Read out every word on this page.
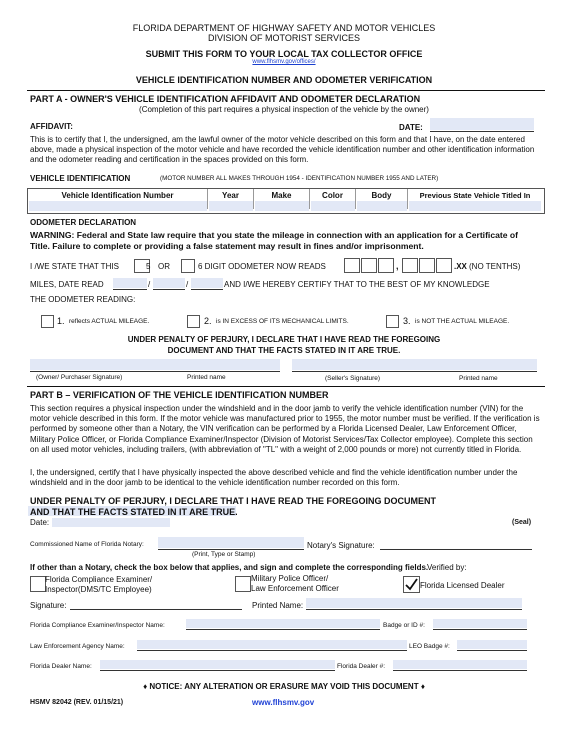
FLORIDA DEPARTMENT OF HIGHWAY SAFETY AND MOTOR VEHICLES
DIVISION OF MOTORIST SERVICES
SUBMIT THIS FORM TO YOUR LOCAL TAX COLLECTOR OFFICE
www.flhsmv.gov/offices/
VEHICLE IDENTIFICATION NUMBER AND ODOMETER VERIFICATION
PART A - OWNER'S VEHICLE IDENTIFICATION AFFIDAVIT AND ODOMETER DECLARATION
(Completion of this part requires a physical inspection of the vehicle by the owner)
AFFIDAVIT:	DATE:
This is to certify that I, the undersigned, am the lawful owner of the motor vehicle described on this form and that I have, on the date entered above, made a physical inspection of the motor vehicle and have recorded the vehicle identification number and other identification information and the odometer reading and certification in the spaces provided on this form.
VEHICLE IDENTIFICATION	(MOTOR NUMBER ALL MAKES THROUGH 1954 - IDENTIFICATION NUMBER 1955 AND LATER)
Vehicle Identification Number	Year	Make	Color	Body	Previous State Vehicle Titled In
ODOMETER DECLARATION
WARNING: Federal and State law require that you state the mileage in connection with an application for a Certificate of Title. Failure to complete or providing a false statement may result in fines and/or imprisonment.
I /WE STATE THAT THIS	5 OR	6 DIGIT ODOMETER NOW READS	,	.XX (NO TENTHS)
MILES, DATE READ	/	/	AND I/WE HEREBY CERTIFY THAT TO THE BEST OF MY KNOWLEDGE
THE ODOMETER READING:
1. reflects ACTUAL MILEAGE.	2. is IN EXCESS OF ITS MECHANICAL LIMITS.	3. is NOT THE ACTUAL MILEAGE.
UNDER PENALTY OF PERJURY, I DECLARE THAT I HAVE READ THE FOREGOING
DOCUMENT AND THAT THE FACTS STATED IN IT ARE TRUE.
(Owner/ Purchaser Signature)	Printed name	(Seller's Signature)	Printed name
PART B – VERIFICATION OF THE VEHICLE IDENTIFICATION NUMBER
This section requires a physical inspection under the windshield and in the door jamb to verify the vehicle identification number (VIN) for the motor vehicle described in this form. If the motor vehicle was manufactured prior to 1955, the motor number must be verified. If the verification is performed by someone other than a Notary, the VIN verification can be performed by a Florida Licensed Dealer, Law Enforcement Officer, Military Police Officer, or Florida Compliance Examiner/Inspector (Division of Motorist Services/Tax Collector employee). Complete this section on all used motor vehicles, including trailers, (with abbreviation of "TL" with a weight of 2,000 pounds or more) not currently titled in Florida.
I, the undersigned, certify that I have physically inspected the above described vehicle and find the vehicle identification number under the windshield and in the door jamb to be identical to the vehicle identification number recorded on this form.
UNDER PENALTY OF PERJURY, I DECLARE THAT I HAVE READ THE FOREGOING DOCUMENT
AND THAT THE FACTS STATED IN IT ARE TRUE.
Date:	(Seal)
Commissioned Name of Florida Notary:
(Print, Type or Stamp)
Notary's Signature:
If other than a Notary, check the box below that applies, and sign and complete the corresponding fields.
Verified by:
Florida Compliance Examiner/
Inspector(DMS/TC Employee)
Military Police Officer/
Law Enforcement Officer	Florida Licensed Dealer
Signature:	Printed Name:
Florida Compliance Examiner/Inspector Name:	Badge or ID #:
Law Enforcement Agency Name:	LEO Badge #:
Florida Dealer Name:	Florida Dealer #:
♦ NOTICE: ANY ALTERATION OR ERASURE MAY VOID THIS DOCUMENT ♦
HSMV 82042 (REV. 01/15/21)	www.flhsmv.gov
